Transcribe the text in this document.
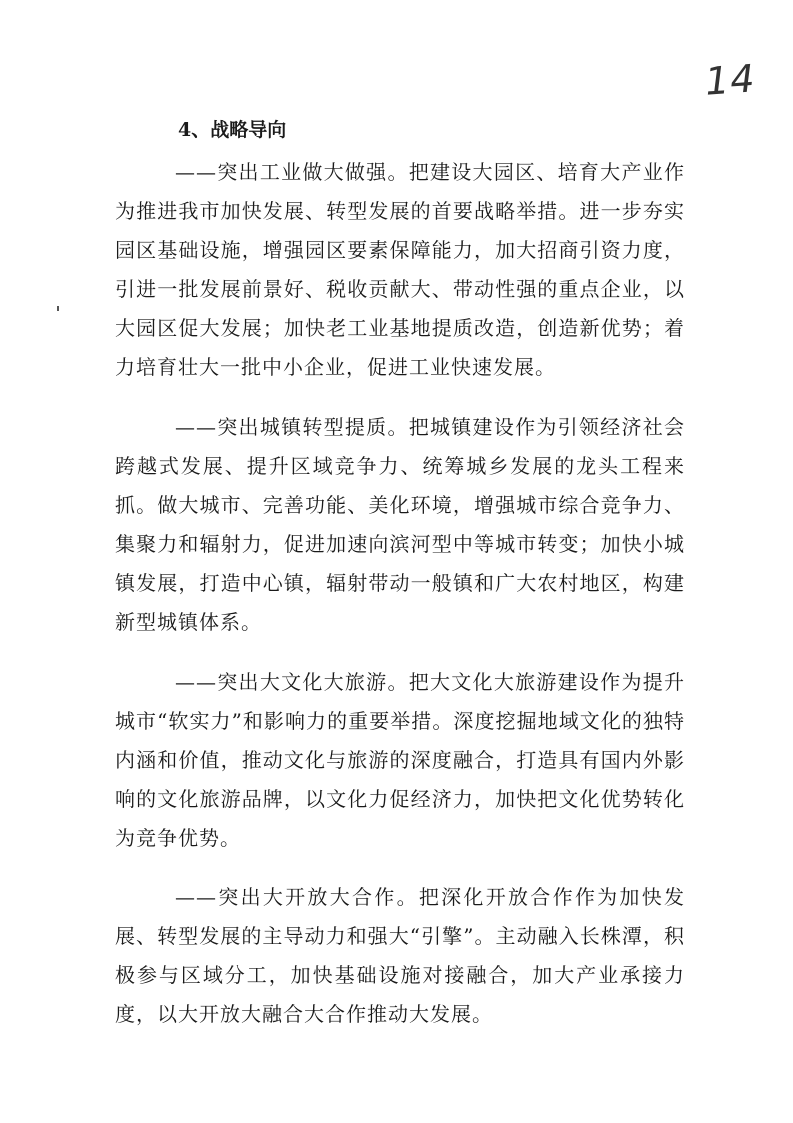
14
4、战略导向

——突出工业做大做强。把建设大园区、培育大产业作为推进我市加快发展、转型发展的首要战略举措。进一步夯实园区基础设施，增强园区要素保障能力，加大招商引资力度，引进一批发展前景好、税收贡献大、带动性强的重点企业，以大园区促大发展；加快老工业基地提质改造，创造新优势；着力培育壮大一批中小企业，促进工业快速发展。

——突出城镇转型提质。把城镇建设作为引领经济社会跨越式发展、提升区域竞争力、统筹城乡发展的龙头工程来抓。做大城市、完善功能、美化环境，增强城市综合竞争力、集聚力和辐射力，促进加速向滨河型中等城市转变；加快小城镇发展，打造中心镇，辐射带动一般镇和广大农村地区，构建新型城镇体系。

——突出大文化大旅游。把大文化大旅游建设作为提升城市“软实力”和影响力的重要举措。深度挖掘地域文化的独特内涵和价值，推动文化与旅游的深度融合，打造具有国内外影响的文化旅游品牌，以文化力促经济力，加快把文化优势转化为竞争优势。

——突出大开放大合作。把深化开放合作作为加快发展、转型发展的主导动力和强大“引擎”。主动融入长株潭，积极参与区域分工，加快基础设施对接融合，加大产业承接力度，以大开放大融合大合作推动大发展。
